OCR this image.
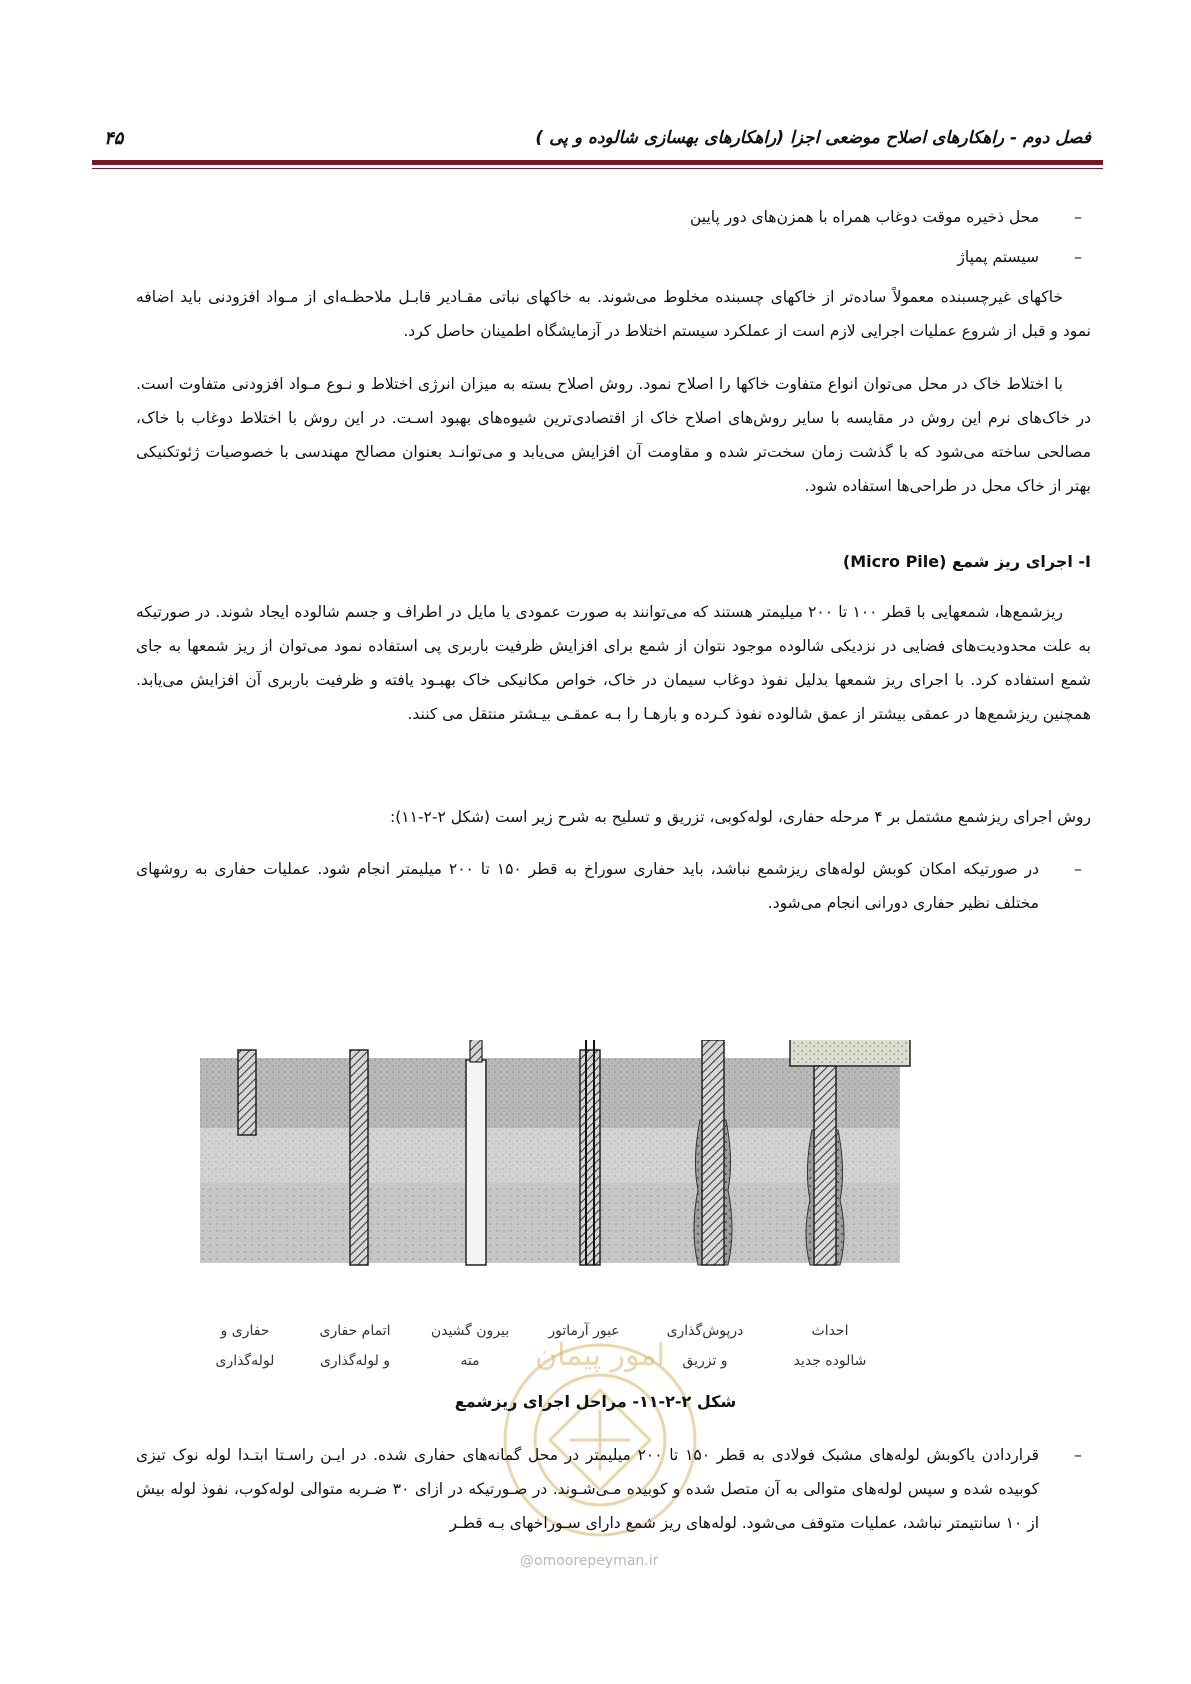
فصل دوم - راهکارهای اصلاح موضعی اجزا (راهکارهای بهسازی شالوده و پی )
۴۵
–
محل ذخیره موقت دوغاب همراه با همزن‌های دور پایین
–
سیستم پمپاژ
خاکهای غیرچسبنده معمولاً ساده‌تر از خاکهای چسبنده مخلوط می‌شوند. به خاکهای نباتی مقـادیر قابـل ملاحظـه‌ای از مـواد افزودنی باید اضافه نمود و قبل از شروع عملیات اجرایی لازم است از عملکرد سیستم اختلاط در آزمایشگاه اطمینان حاصل کرد.
با اختلاط خاک در محل می‌توان انواع متفاوت خاکها را اصلاح نمود. روش اصلاح بسته به میزان انرژی اختلاط و نـوع مـواد افزودنی متفاوت است. در خاک‌های نرم این روش در مقایسه با سایر روش‌های اصلاح خاک از اقتصادی‌ترین شیوه‌های بهبود اسـت. در این روش با اختلاط دوغاب با خاک، مصالحی ساخته می‌شود که با گذشت زمان سخت‌تر شده و مقاومت آن افزایش می‌یابد و می‌توانـد بعنوان مصالح مهندسی با خصوصیات ژئوتکنیکی بهتر از خاک محل در طراحی‌ها استفاده شود.
I- اجرای ریز شمع (Micro Pile)
ریزشمع‌ها، شمعهایی با قطر ۱۰۰ تا ۲۰۰ میلیمتر هستند که می‌توانند به صورت عمودی یا مایل در اطراف و جسم شالوده ایجاد شوند. در صورتیکه به علت محدودیت‌های فضایی در نزدیکی شالوده موجود نتوان از شمع برای افزایش ظرفیت باربری پی استفاده نمود می‌توان از ریز شمعها به جای شمع استفاده کرد. با اجرای ریز شمعها بدلیل نفوذ دوغاب سیمان در خاک، خواص مکانیکی خاک بهبـود یافته و ظرفیت باربری آن افزایش می‌یابد. همچنین ریزشمع‌ها در عمقی بیشتر از عمق شالوده نفوذ کـرده و بارهـا را بـه عمقـی بیـشتر منتقل می کنند.
روش اجرای ریزشمع مشتمل بر ۴ مرحله حفاری، لوله‌کوبی، تزریق و تسلیح به شرح زیر است (شکل ۲-۲-۱۱):
–
در صورتیکه امکان کوبش لوله‌های ریزشمع نباشد، باید حفاری سوراخ به قطر ۱۵۰ تا ۲۰۰ میلیمتر انجام شود. عملیات حفاری به روشهای مختلف نظیر حفاری دورانی انجام می‌شود.
حفاری و
لوله‌گذاری
اتمام حفاری
و لوله‌گذاری
بیرون گشیدن
مته
عبور آرماتور	درپوش‌گذاری
و تزریق
احداث
شالوده جدید
امور پیمان
شکل ۲-۲-۱۱- مراحل اجرای ریزشمع
–
قراردادن یاکوبش لوله‌های مشبک فولادی به قطر ۱۵۰ تا ۲۰۰ میلیمتر در محل گمانه‌های حفاری شده. در ایـن راسـتا ابتـدا لوله نوک تیزی کوبیده شده و سپس لوله‌های متوالی به آن متصل شده و کوبیده مـی‌شـوند. در صـورتیکه در ازای ۳۰ ضـربه متوالی لوله‌کوب، نفوذ لوله بیش از ۱۰ سانتیمتر نباشد، عملیات متوقف می‌شود. لوله‌های ریز شمع دارای سـوراخهای بـه قطـر
@omoorepeyman.ir
